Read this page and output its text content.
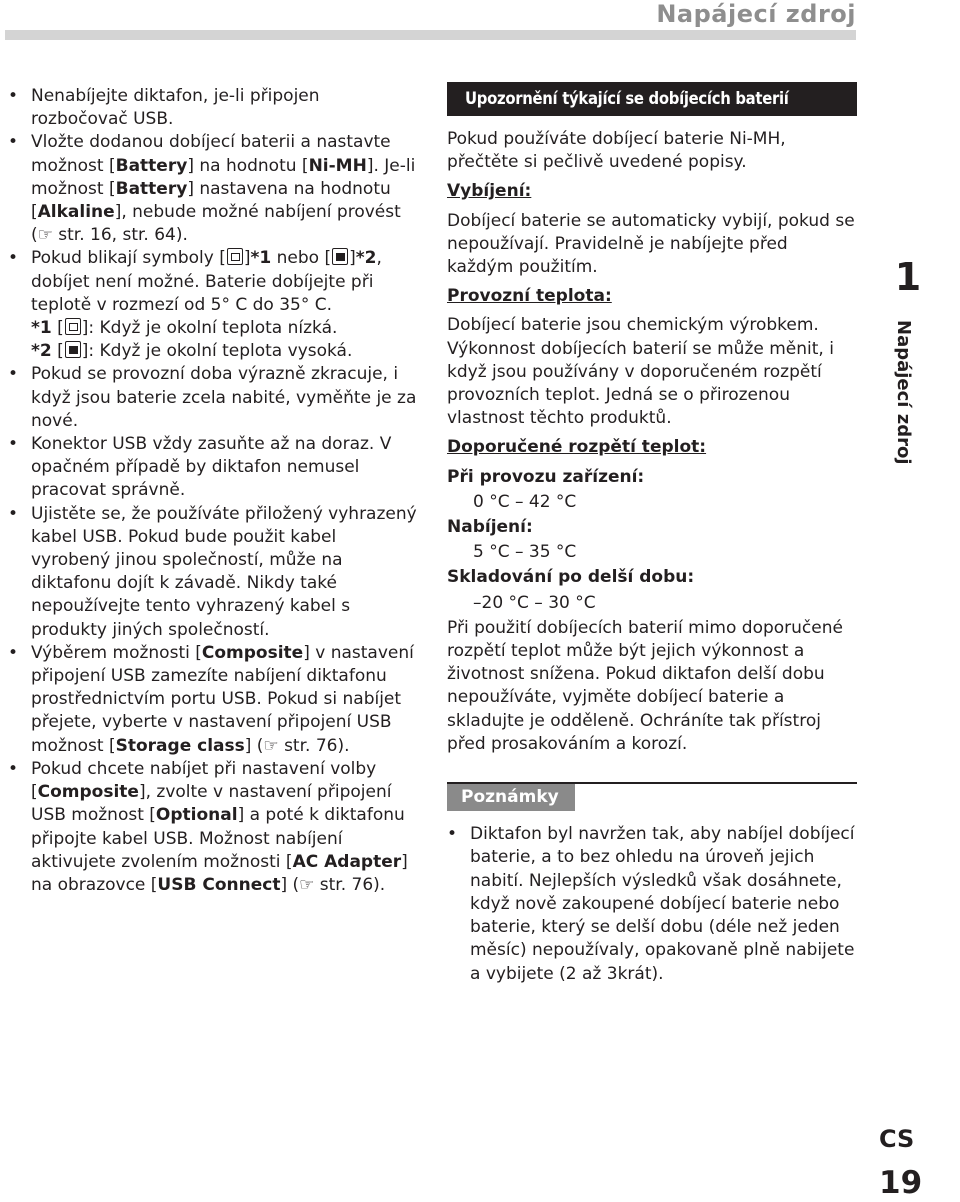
Napájecí zdroj
• Nenabíjejte diktafon, je-li připojen rozbočovač USB.
• Vložte dodanou dobíjecí baterii a nastavte možnost [Battery] na hodnotu [Ni-MH]. Je-li možnost [Battery] nastavena na hodnotu [Alkaline], nebude možné nabíjení provést (☞ str. 16, str. 64).
• Pokud blikají symboly [ ]*1 nebo [ ]*2, dobíjet není možné. Baterie dobíjejte při teplotě v rozmezí od 5° C do 35° C.
*1 [ ]: Když je okolní teplota nízká.
*2 [ ]: Když je okolní teplota vysoká.
• Pokud se provozní doba výrazně zkracuje, i když jsou baterie zcela nabité, vyměňte je za nové.
• Konektor USB vždy zasuňte až na doraz. V opačném případě by diktafon nemusel pracovat správně.
• Ujistěte se, že používáte přiložený vyhrazený kabel USB. Pokud bude použit kabel vyrobený jinou společností, může na diktafonu dojít k závadě. Nikdy také nepoužívejte tento vyhrazený kabel s produkty jiných společností.
• Výběrem možnosti [Composite] v nastavení připojení USB zamezíte nabíjení diktafonu prostřednictvím portu USB. Pokud si nabíjet přejete, vyberte v nastavení připojení USB možnost [Storage class] (☞ str. 76).
• Pokud chcete nabíjet při nastavení volby [Composite], zvolte v nastavení připojení USB možnost [Optional] a poté k diktafonu připojte kabel USB. Možnost nabíjení aktivujete zvolením možnosti [AC Adapter] na obrazovce [USB Connect] (☞ str. 76).
Upozornění týkající se dobíjecích baterií

Pokud používáte dobíjecí baterie Ni-MH, přečtěte si pečlivě uvedené popisy.

Vybíjení:

Dobíjecí baterie se automaticky vybijí, pokud se nepoužívají. Pravidelně je nabíjejte před každým použitím.

Provozní teplota:

Dobíjecí baterie jsou chemickým výrobkem. Výkonnost dobíjecích baterií se může měnit, i když jsou používány v doporučeném rozpětí provozních teplot. Jedná se o přirozenou vlastnost těchto produktů.

Doporučené rozpětí teplot:

Při provozu zařízení:

0 °C – 42 °C

Nabíjení:

5 °C – 35 °C

Skladování po delší dobu:

–20 °C – 30 °C

Při použití dobíjecích baterií mimo doporučené rozpětí teplot může být jejich výkonnost a životnost snížena. Pokud diktafon delší dobu nepoužíváte, vyjměte dobíjecí baterie a skladujte je odděleně. Ochráníte tak přístroj před prosakováním a korozí.

Poznámky
• Diktafon byl navržen tak, aby nabíjel dobíjecí baterie, a to bez ohledu na úroveň jejich nabití. Nejlepších výsledků však dosáhnete, když nově zakoupené dobíjecí baterie nebo baterie, který se delší dobu (déle než jeden měsíc) nepoužívaly, opakovaně plně nabijete a vybijete (2 až 3krát).
1
Napájecí zdroj
CS
19
